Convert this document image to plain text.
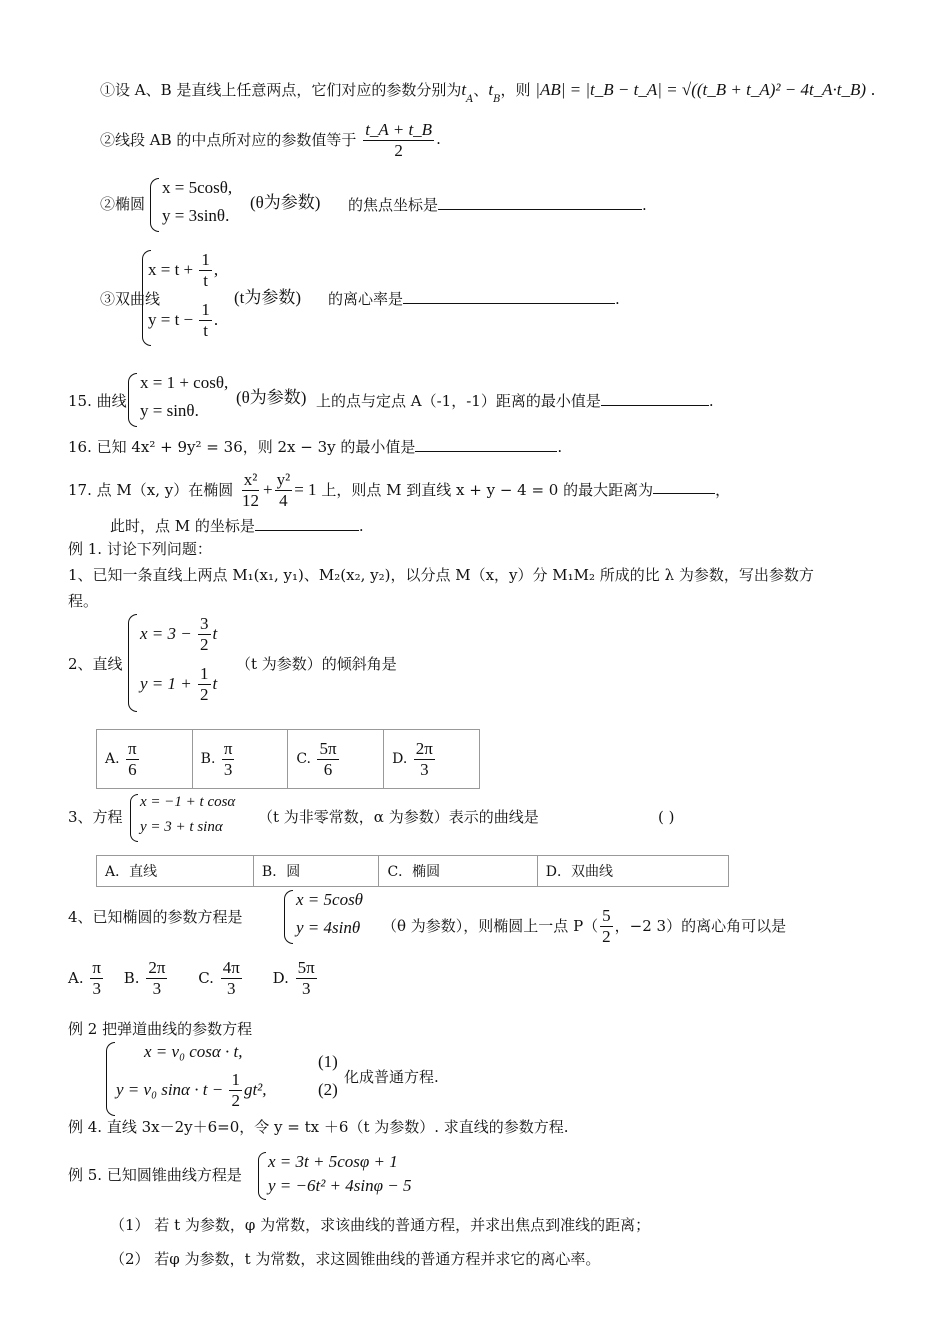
①设 A、B 是直线上任意两点，它们对应的参数分别为$t_A$、$t_B$，则 |AB| = |t_B − t_A| = √((t_B + t_A)² − 4t_A·t_B) .
②线段 AB 的中点所对应的参数值等于 $\frac{t\_A + t\_B}{2}$ .
②椭圆
x = 5cosθ,
y = 3sinθ.
(θ为参数) 的焦点坐标是	.
③双曲线
$x = t + \frac{1}{t}$ ,
$y = t - \frac{1}{t}$ .
(t为参数) 的离心率是	.
15. 曲线
x = 1 + cosθ,
y = sinθ.
(θ为参数) 上的点与定点 A（-1，-1）距离的最小值是	.
16. 已知 4x² + 9y² = 36，则 2x − 3y 的最小值是	.
17. 点 M（x, y）在椭圆 $\frac{\text{x²}}{12} + \frac{\text{y²}}{4} = 1$ 上，则点 M 到直线 x + y − 4 = 0 的最大距离为	，
此时，点 M 的坐标是	.
例 1. 讨论下列问题：
1、已知一条直线上两点 M₁(x₁, y₁)、M₂(x₂, y₂)，以分点 M（x，y）分 M₁M₂ 所成的比 λ 为参数，写出参数方
程。
2、直线
$x = 3 - \frac{3}{2}$ t
$y = 1 + \frac{1}{2}$ t
（t 为参数）的倾斜角是
A. $\frac{\pi}{6}$	B. $\frac{\pi}{3}$	C. $\frac{5\pi}{6}$	D. $\frac{2\pi}{3}$
3、方程
x = −1 + t cosα
y = 3 + t sinα
（t 为非零常数，α 为参数）表示的曲线是	( )
A．直线	B．圆	C．椭圆	D．双曲线
4、已知椭圆的参数方程是
x = 5cosθ
y = 4sinθ （θ 为参数），则椭圆上一点 $P( \frac{5}{2}$ ，−2 3）的离心角可以是
A. $\frac{\pi}{3} B$. $\frac{2\pi}{3} C$. $\frac{4\pi}{3} D$. $\frac{5\pi}{3}$
例 2 把弹道曲线的参数方程
x = v₀ cosα · t,
y = v₀ $\sin\alpha \cdot t - \frac{1}{2} gt^2$,
(1)
(2)
化成普通方程.
例 4. 直线 3x－2y＋6=0，令 y = tx ＋6（t 为参数）. 求直线的参数方程.
例 5. 已知圆锥曲线方程是
x = 3t + 5cosφ + 1
y = −6t² + 4sinφ − 5
（1） 若 t 为参数，φ 为常数，求该曲线的普通方程，并求出焦点到准线的距离；
（2） 若φ 为参数，t 为常数，求这圆锥曲线的普通方程并求它的离心率。
